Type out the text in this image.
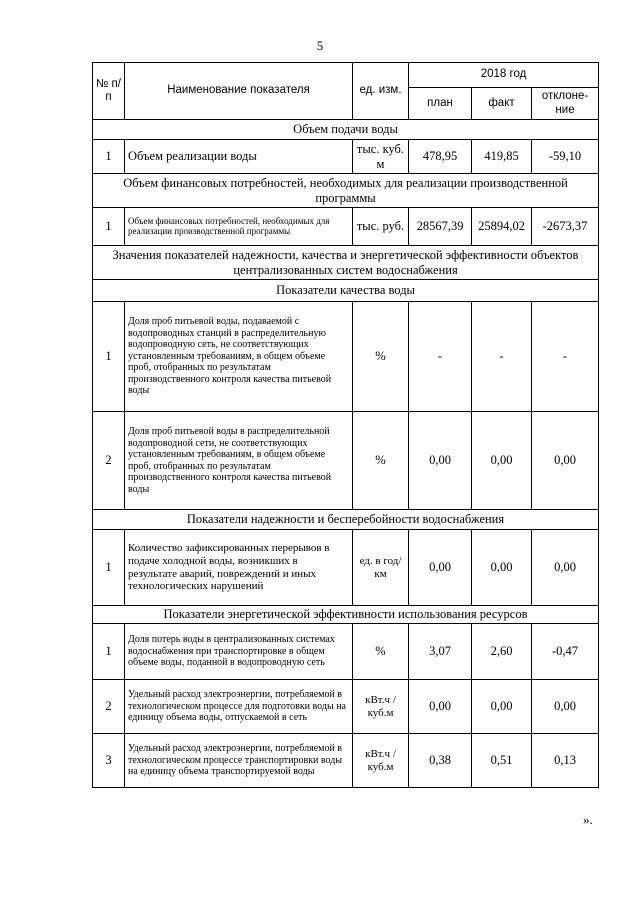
5
№ п/п	Наименование показателя	ед. изм.	2018 год		
			план	факт	отклоне-ние
Объем подачи воды					
1	Объем реализации воды	тыс. куб. м	478,95	419,85	-59,10
Объем финансовых потребностей, необходимых для реализации производственной программы					
1	Объем финансовых потребностей, необходимых для реализации производственной программы	тыс. руб.	28567,39	25894,02	-2673,37
Значения показателей надежности, качества и энергетической эффективности объектов централизованных систем водоснабжения					
Показатели качества воды					
1	Доля проб питьевой воды, подаваемой с водопроводных станций в распределительную водопроводную сеть, не соответствующих установленным требованиям, в общем объеме проб, отобранных по результатам производственного контроля качества питьевой воды	%	-	-	-
2	Доля проб питьевой воды в распределительной водопроводной сети, не соответствующих установленным требованиям, в общем объеме проб, отобранных по результатам производственного контроля качества питьевой воды	%	0,00	0,00	0,00
Показатели надежности и бесперебойности водоснабжения					
1	Количество зафиксированных перерывов в подаче холодной воды, возникших в результате аварий, повреждений и иных технологических нарушений	ед. в год/ км	0,00	0,00	0,00
Показатели энергетической эффективности использования ресурсов					
1	Доля потерь воды в централизованных системах водоснабжения при транспортировке в общем объеме воды, поданной в водопроводную сеть	%	3,07	2,60	-0,47
2	Удельный расход электроэнергии, потребляемой в технологическом процессе для подготовки воды на единицу объема воды, отпускаемой в сеть	кВт.ч / куб.м	0,00	0,00	0,00
3	Удельный расход электроэнергии, потребляемой в технологическом процессе транспортировки воды на единицу объема транспортируемой воды	кВт.ч / куб.м	0,38	0,51	0,13
».
